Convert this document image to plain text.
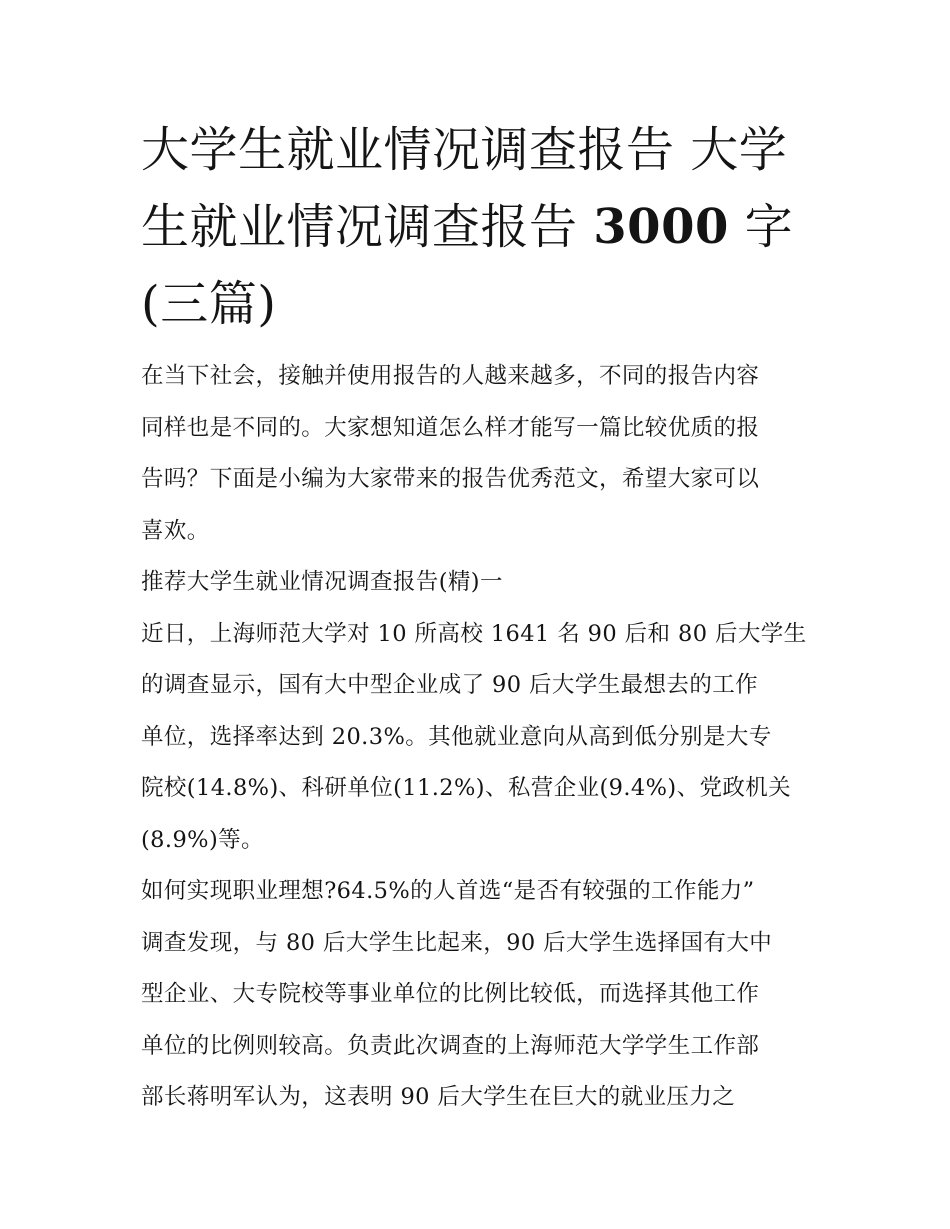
大学生就业情况调查报告 大学
生就业情况调查报告 3000 字
(三篇)

在当下社会，接触并使用报告的人越来越多，不同的报告内容
同样也是不同的。大家想知道怎么样才能写一篇比较优质的报
告吗？下面是小编为大家带来的报告优秀范文，希望大家可以
喜欢。

推荐大学生就业情况调查报告(精)一

近日，上海师范大学对 10 所高校 1641 名 90 后和 80 后大学生
的调查显示，国有大中型企业成了 90 后大学生最想去的工作
单位，选择率达到 20.3%。其他就业意向从高到低分别是大专
院校(14.8%)、科研单位(11.2%)、私营企业(9.4%)、党政机关
(8.9%)等。

如何实现职业理想?64.5%的人首选“是否有较强的工作能力”

调查发现，与 80 后大学生比起来，90 后大学生选择国有大中
型企业、大专院校等事业单位的比例比较低，而选择其他工作
单位的比例则较高。负责此次调查的上海师范大学学生工作部
部长蒋明军认为，这表明 90 后大学生在巨大的就业压力之
